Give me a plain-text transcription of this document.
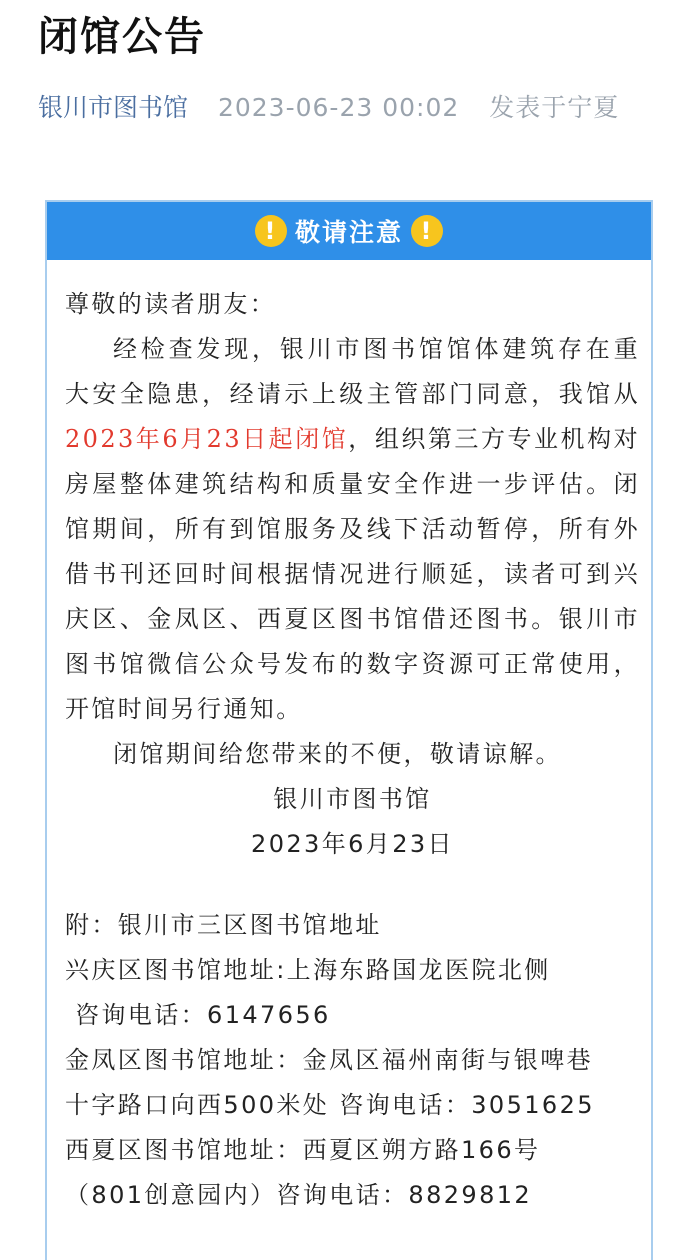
闭馆公告
银川市图书馆 2023-06-23 00:02 发表于宁夏
! 敬请注意 !

尊敬的读者朋友：

经检查发现，银川市图书馆馆体建筑存在重大安全隐患，经请示上级主管部门同意，我馆从2023年6月23日起闭馆，组织第三方专业机构对房屋整体建筑结构和质量安全作进一步评估。闭馆期间，所有到馆服务及线下活动暂停，所有外借书刊还回时间根据情况进行顺延，读者可到兴庆区、金凤区、西夏区图书馆借还图书。银川市图书馆微信公众号发布的数字资源可正常使用，开馆时间另行通知。

闭馆期间给您带来的不便，敬请谅解。

银川市图书馆

2023年6月23日

附：银川市三区图书馆地址

兴庆区图书馆地址:上海东路国龙医院北侧

咨询电话：6147656

金凤区图书馆地址：金凤区福州南街与银啤巷

十字路口向西500米处 咨询电话：3051625

西夏区图书馆地址：西夏区朔方路166号

（801创意园内）咨询电话：8829812
